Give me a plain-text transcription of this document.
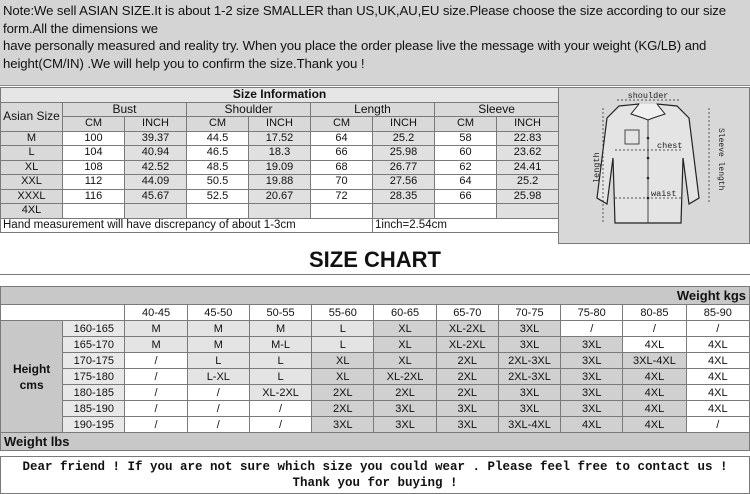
Note:We sell ASIAN SIZE.It is about 1-2 size SMALLER than US,UK,AU,EU size.Please choose the size according to our size form.All the dimensions we
have personally measured and reality try. When you place the order please live the message with your weight (KG/LB) and height(CM/IN) .We will help you to confirm the size.Thank you !
Size Information								
Asian Size	Bust		Shoulder		Length		Sleeve	
	CM	INCH	CM	INCH	CM	INCH	CM	INCH
M	100	39.37	44.5	17.52	64	25.2	58	22.83
L	104	40.94	46.5	18.3	66	25.98	60	23.62
XL	108	42.52	48.5	19.09	68	26.77	62	24.41
XXL	112	44.09	50.5	19.88	70	27.56	64	25.2
XXXL	116	45.67	52.5	20.67	72	28.35	66	25.98
4XL								
Hand measurement will have discrepancy of about 1-3cm						1inch=2.54cm		
shoulder
chest
waist
length	Sleeve length
SIZE CHART
Weight kgs											
		40-45	45-50	50-55	55-60	60-65	65-70	70-75	75-80	80-85	85-90
Height
cms	160-165	M	M	M	L	XL	XL-2XL	3XL	/	/	/
	165-170	M	M	M-L	L	XL	XL-2XL	3XL	3XL	4XL	4XL
	170-175	/	L	L	XL	XL	2XL	2XL-3XL	3XL	3XL-4XL	4XL
	175-180	/	L-XL	L	XL	XL-2XL	2XL	2XL-3XL	3XL	4XL	4XL
	180-185	/	/	XL-2XL	2XL	2XL	2XL	3XL	3XL	4XL	4XL
	185-190	/	/	/	2XL	3XL	3XL	3XL	3XL	4XL	4XL
	190-195	/	/	/	3XL	3XL	3XL	3XL-4XL	4XL	4XL	/
Weight lbs											
Dear friend ! If you are not sure which size you could wear . Please feel free to contact us !
Thank you for buying !
